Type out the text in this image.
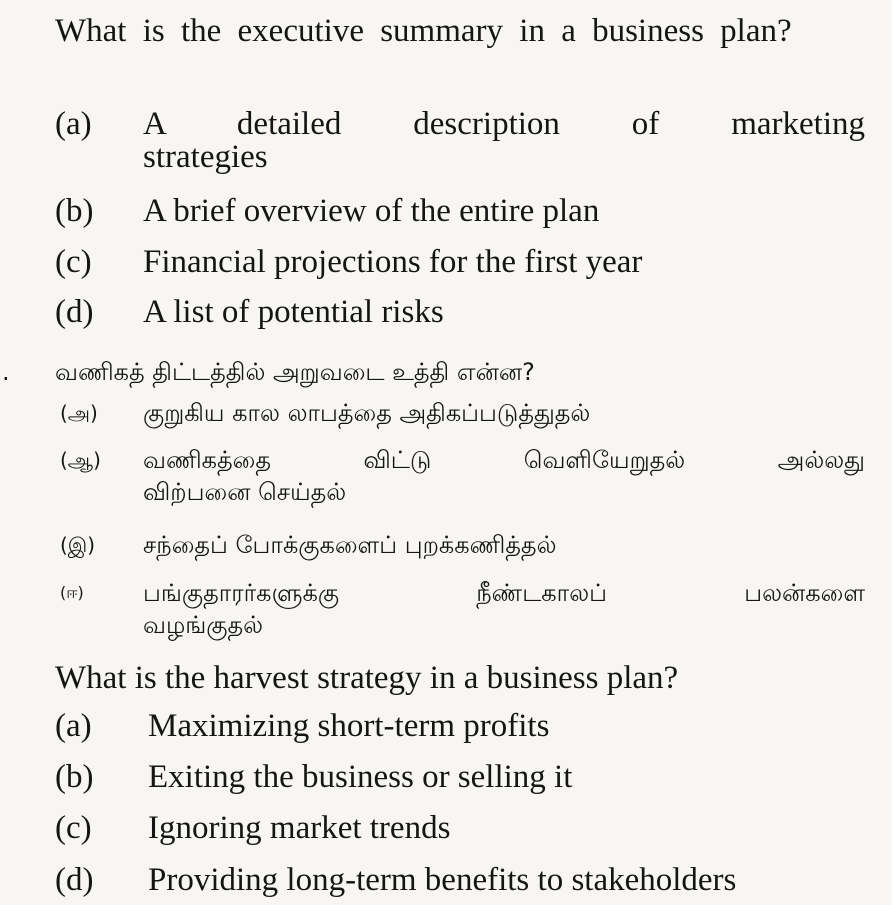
What is the executive summary in a business plan?
(a) A detailed description of marketing strategies
(b) A brief overview of the entire plan
(c) Financial projections for the first year
(d) A list of potential risks
. வணிகத் திட்டத்தில் அறுவடை உத்தி என்ன?
(அ) குறுகிய கால லாபத்தை அதிகப்படுத்துதல்
(ஆ) வணிகத்தை விட்டு வெளியேறுதல் அல்லது
விற்பனை செய்தல்
(இ) சந்தைப் போக்குகளைப் புறக்கணித்தல்
(ஈ) பங்குதாரர்களுக்கு நீண்டகாலப் பலன்களை
வழங்குதல்
What is the harvest strategy in a business plan?
(a) Maximizing short-term profits
(b) Exiting the business or selling it
(c) Ignoring market trends
(d) Providing long-term benefits to stakeholders
